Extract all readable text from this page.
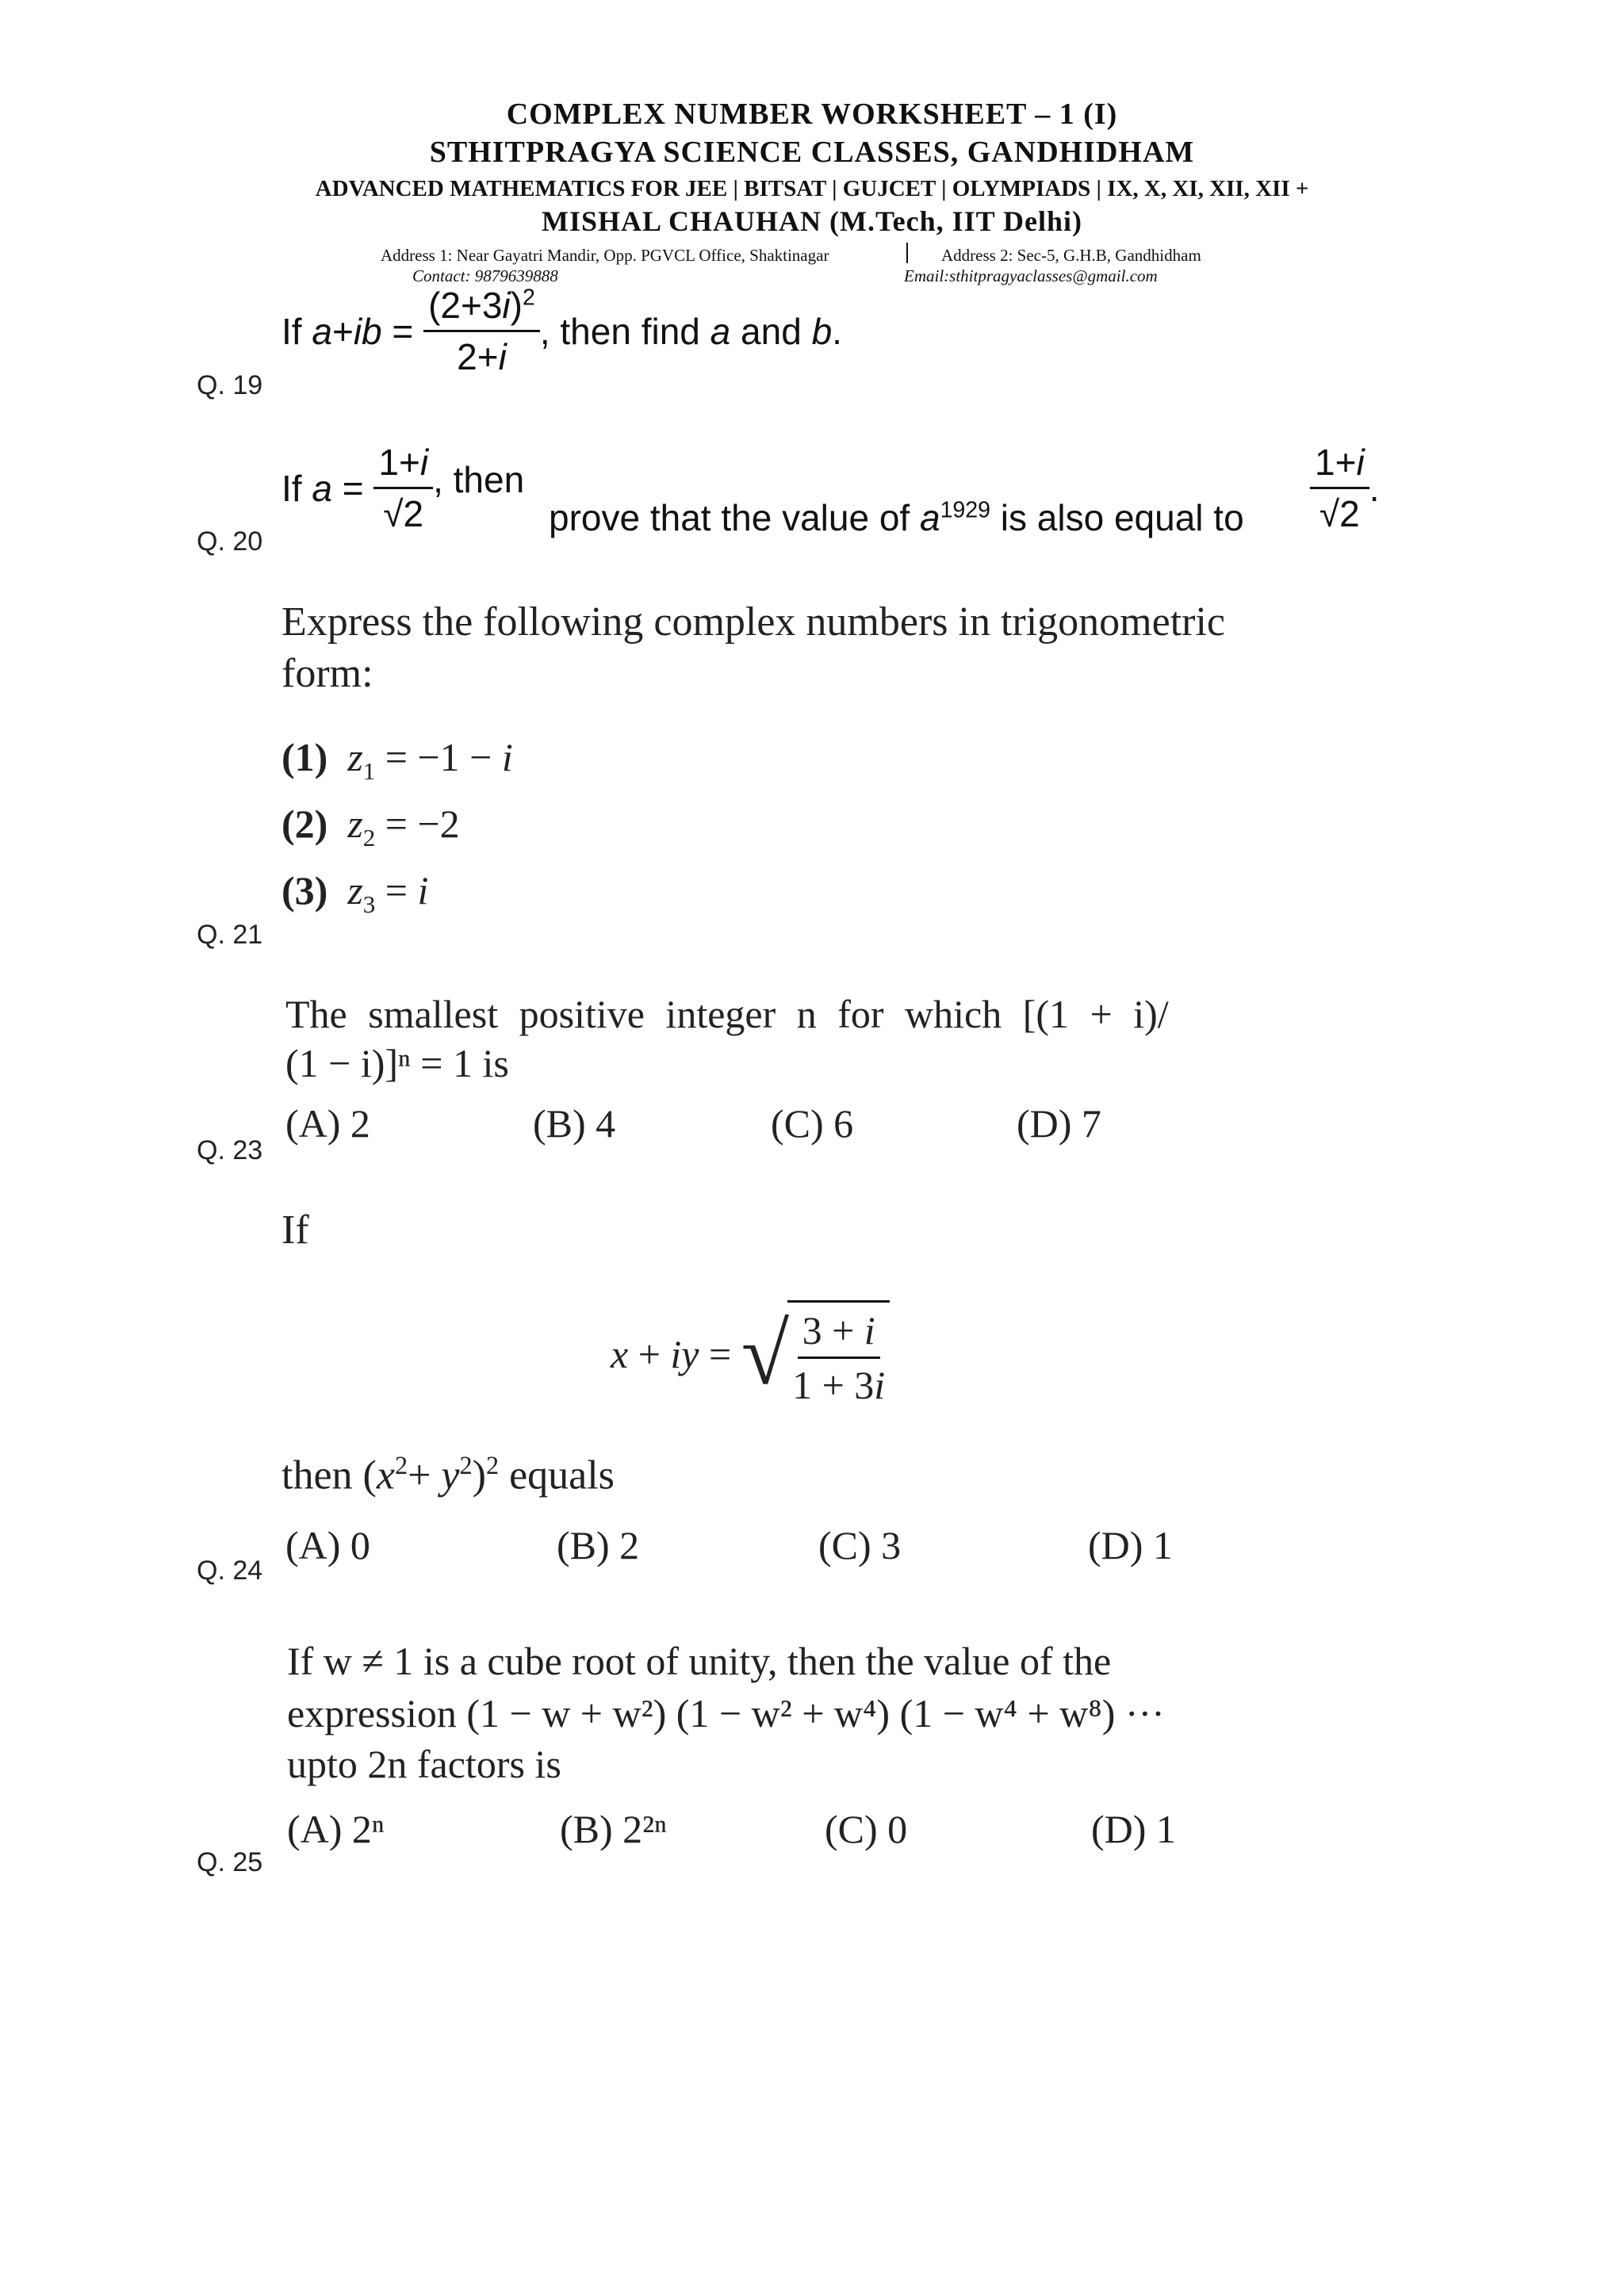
COMPLEX NUMBER WORKSHEET – 1 (I)
STHITPRAGYA SCIENCE CLASSES, GANDHIDHAM
ADVANCED MATHEMATICS FOR JEE | BITSAT | GUJCET | OLYMPIADS | IX, X, XI, XII, XII +
MISHAL CHAUHAN (M.Tech, IIT Delhi)
Address 1: Near Gayatri Mandir, Opp. PGVCL Office, Shaktinagar	Address 2: Sec-5, G.H.B, Gandhidham
Contact: 9879639888	Email:sthitpragyaclasses@gmail.com
If
a + ib = $\frac{(2+3i)^2}{2+i}$ , then find
a
and
b .
Q. 19
If
$a = \frac{1+i}{√2}$ , then
prove that the value of $a^{1929}$ is also equal to $\frac{1+i}{√2}$ .
Q. 20
Express the following complex numbers in trigonometric
form:
(1) $z_1 = -1 - i$
(2) $z_2 = -2$
(3) $z_3 = i$
Q. 21
The smallest positive integer n for which [(1 + i)/
(1 − i)]ⁿ = 1 is
(A) 2	(B) 4	(C) 6	(D) 7
Q. 23
If
x + iy = √
$\frac{3 + i}{1 + 3i}$
then $(x^2+ y^2)^2$ equals
(A) 0	(B) 2	(C) 3	(D) 1
Q. 24
If w ≠ 1 is a cube root of unity, then the value of the
expression (1 − w + w²) (1 − w² + w⁴) (1 − w⁴ + w⁸) ···
upto 2n factors is
(A) 2ⁿ	(B) 2²ⁿ	(C) 0	(D) 1
Q. 25
